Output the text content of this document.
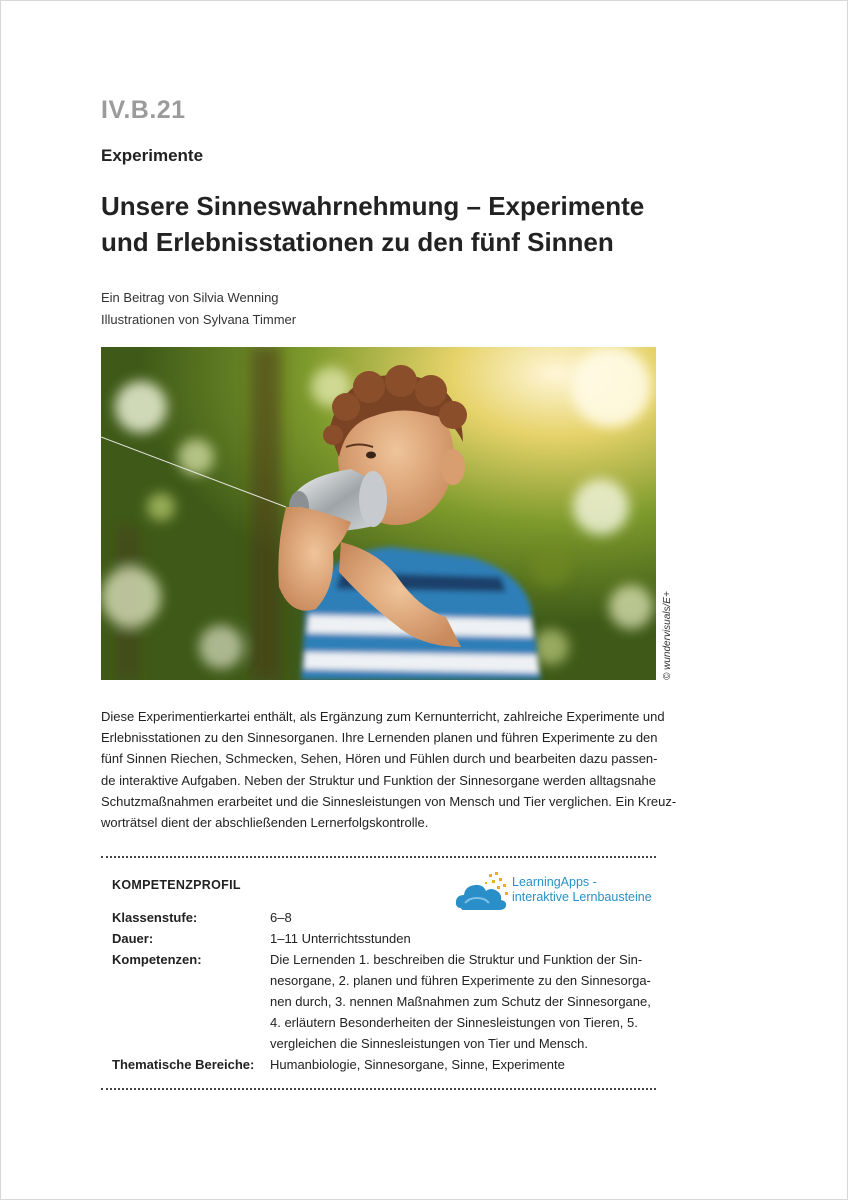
IV.B.21
Experimente
Unsere Sinneswahrnehmung – Experimente
und Erlebnisstationen zu den fünf Sinnen
Ein Beitrag von Silvia Wenning
Illustrationen von Sylvana Timmer
© wundervisuals/E+
Diese Experimentierkartei enthält, als Ergänzung zum Kernunterricht, zahlreiche Experimente und
Erlebnisstationen zu den Sinnesorganen. Ihre Lernenden planen und führen Experimente zu den
fünf Sinnen Riechen, Schmecken, Sehen, Hören und Fühlen durch und bearbeiten dazu passen-
de interaktive Aufgaben. Neben der Struktur und Funktion der Sinnesorgane werden alltagsnahe
Schutzmaßnahmen erarbeitet und die Sinnesleistungen von Mensch und Tier verglichen. Ein Kreuz-
worträtsel dient der abschließenden Lernerfolgskontrolle.
KOMPETENZPROFIL	LearningApps -
interaktive Lernbausteine
Klassenstufe:	6–8
Dauer:	1–11 Unterrichtsstunden
Kompetenzen:	Die Lernenden 1. beschreiben die Struktur und Funktion der Sin-
nesorgane, 2. planen und führen Experimente zu den Sinnesorga-
nen durch, 3. nennen Maßnahmen zum Schutz der Sinnesorgane,
4. erläutern Besonderheiten der Sinnesleistungen von Tieren, 5.
vergleichen die Sinnesleistungen von Tier und Mensch.
Thematische Bereiche: Humanbiologie, Sinnesorgane, Sinne, Experimente
